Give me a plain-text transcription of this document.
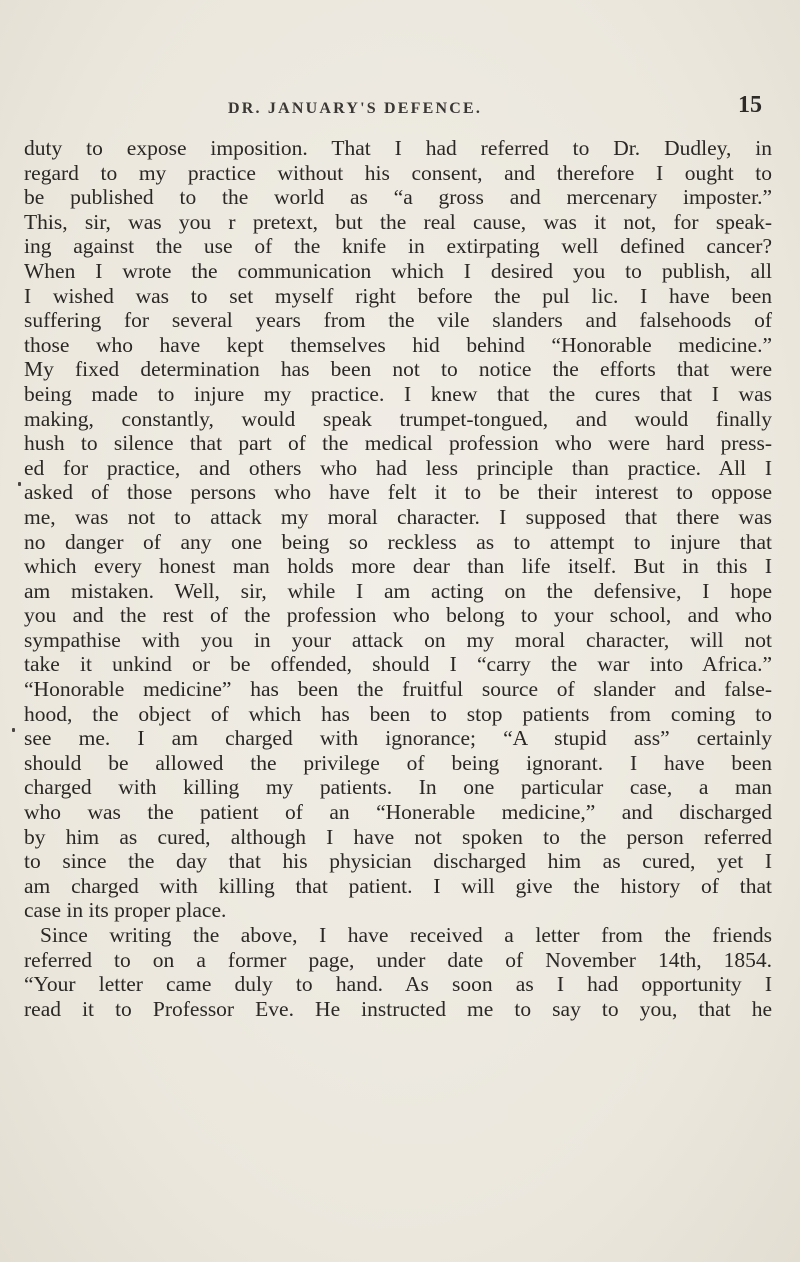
DR. JANUARY'S DEFENCE.	15
duty to expose imposition. That I had referred to Dr. Dudley, in
regard to my practice without his consent, and therefore I ought to
be published to the world as “a gross and mercenary imposter.”
This, sir, was you r pretext, but the real cause, was it not, for speak-
ing against the use of the knife in extirpating well defined cancer?
When I wrote the communication which I desired you to publish, all
I wished was to set myself right before the pul lic. I have been
suffering for several years from the vile slanders and falsehoods of
those who have kept themselves hid behind “Honorable medicine.”
My fixed determination has been not to notice the efforts that were
being made to injure my practice. I knew that the cures that I was
making, constantly, would speak trumpet-tongued, and would finally
hush to silence that part of the medical profession who were hard press-
ed for practice, and others who had less principle than practice. All I
asked of those persons who have felt it to be their interest to oppose
me, was not to attack my moral character. I supposed that there was
no danger of any one being so reckless as to attempt to injure that
which every honest man holds more dear than life itself. But in this I
am mistaken. Well, sir, while I am acting on the defensive, I hope
you and the rest of the profession who belong to your school, and who
sympathise with you in your attack on my moral character, will not
take it unkind or be offended, should I “carry the war into Africa.”
“Honorable medicine” has been the fruitful source of slander and false-
hood, the object of which has been to stop patients from coming to
see me. I am charged with ignorance; “A stupid ass” certainly
should be allowed the privilege of being ignorant. I have been
charged with killing my patients. In one particular case, a man
who was the patient of an “Honerable medicine,” and discharged
by him as cured, although I have not spoken to the person referred
to since the day that his physician discharged him as cured, yet I
am charged with killing that patient. I will give the history of that
case in its proper place.
Since writing the above, I have received a letter from the friends
referred to on a former page, under date of November 14th, 1854.
“Your letter came duly to hand. As soon as I had opportunity I
read it to Professor Eve. He instructed me to say to you, that he
